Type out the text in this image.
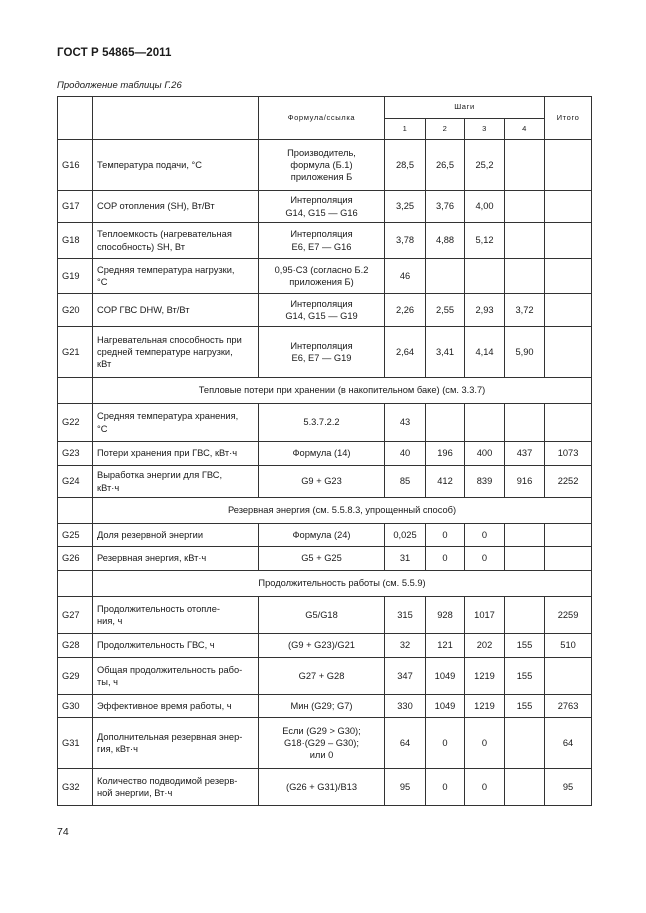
ГОСТ Р 54865—2011
Продолжение таблицы Г.26
		Формула/ссылка	Шаги				Итого
			1	2	3	4	
G16	Температура подачи, °С	Производитель,
формула (Б.1)
приложения Б	28,5	26,5	25,2		
G17	COP отопления (SH), Вт/Вт	Интерполяция
G14, G15 — G16	3,25	3,76	4,00		
G18	Теплоемкость (нагревательная
способность) SH, Вт	Интерполяция
E6, E7 — G16	3,78	4,88	5,12		
G19	Средняя температура нагрузки,
°С	0,95·C3 (согласно Б.2
приложения Б)	46				
G20	COP ГВС DHW, Вт/Вт	Интерполяция
G14, G15 — G19	2,26	2,55	2,93	3,72	
G21	Нагревательная способность при
средней температуре нагрузки,
кВт	Интерполяция
E6, E7 — G19	2,64	3,41	4,14	5,90	
	Тепловые потери при хранении (в накопительном баке) (см. 3.3.7)						
G22	Средняя температура хранения,
°С	5.3.7.2.2	43				
G23	Потери хранения при ГВС, кВт·ч	Формула (14)	40	196	400	437	1073
G24	Выработка энергии для ГВС,
кВт·ч	G9 + G23	85	412	839	916	2252
	Резервная энергия (см. 5.5.8.3, упрощенный способ)						
G25	Доля резервной энергии	Формула (24)	0,025	0	0		
G26	Резервная энергия, кВт·ч	G5 + G25	31	0	0		
	Продолжительность работы (см. 5.5.9)						
G27	Продолжительность отопле-
ния, ч	G5/G18	315	928	1017		2259
G28	Продолжительность ГВС, ч	(G9 + G23)/G21	32	121	202	155	510
G29	Общая продолжительность рабо-
ты, ч	G27 + G28	347	1049	1219	155	
G30	Эффективное время работы, ч	Мин (G29; G7)	330	1049	1219	155	2763
G31	Дополнительная резервная энер-
гия, кВт·ч	Если (G29 > G30);
G18·(G29 – G30);
или 0	64	0	0		64
G32	Количество подводимой резерв-
ной энергии, Вт·ч	(G26 + G31)/B13	95	0	0		95
74
